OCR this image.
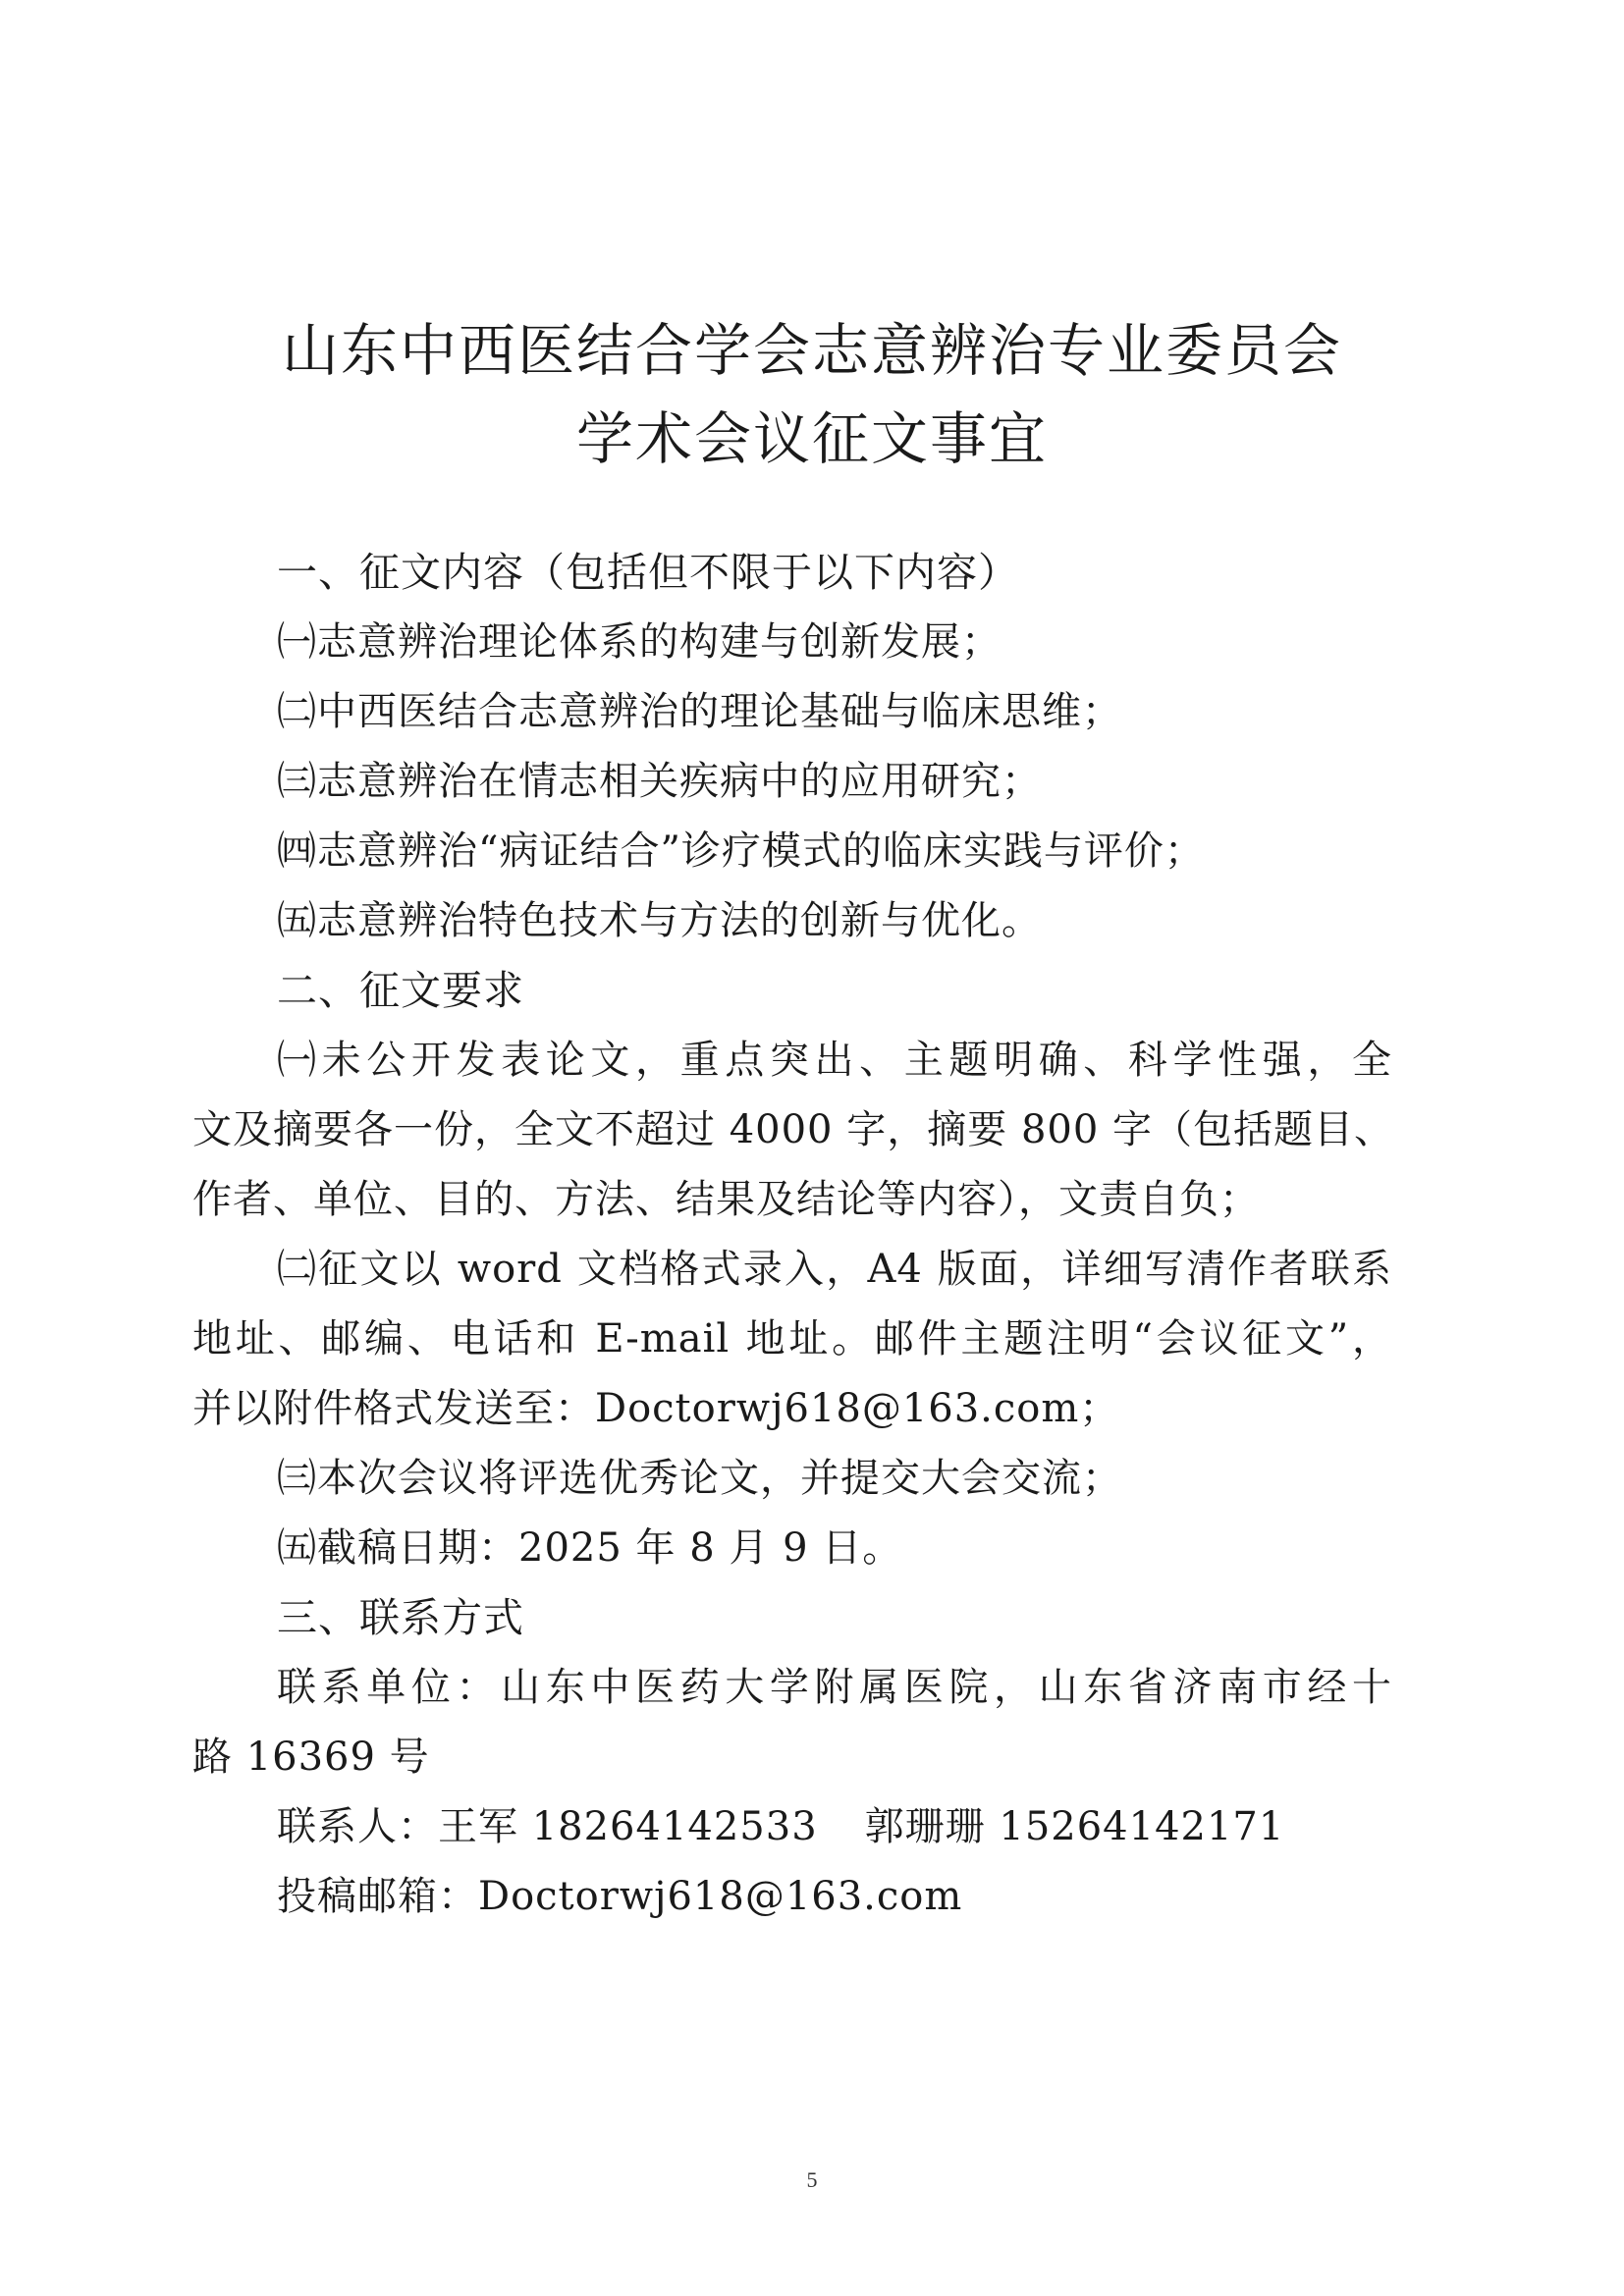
山东中西医结合学会志意辨治专业委员会
学术会议征文事宜
一、征文内容（包括但不限于以下内容）
㈠志意辨治理论体系的构建与创新发展；
㈡中西医结合志意辨治的理论基础与临床思维；
㈢志意辨治在情志相关疾病中的应用研究；
㈣志意辨治“病证结合”诊疗模式的临床实践与评价；
㈤志意辨治特色技术与方法的创新与优化。
二、征文要求
㈠未公开发表论文，重点突出、主题明确、科学性强，全
文及摘要各一份，全文不超过 4000 字，摘要 800 字（包括题目、
作者、单位、目的、方法、结果及结论等内容），文责自负；
㈡征文以 word 文档格式录入，A4 版面，详细写清作者联系
地址、邮编、电话和 E-mail 地址。邮件主题注明“会议征文”，
并以附件格式发送至：Doctorwj618@163.com；
㈢本次会议将评选优秀论文，并提交大会交流；
㈤截稿日期：2025 年 8 月 9 日。
三、联系方式
联系单位：山东中医药大学附属医院，山东省济南市经十
路 16369 号
联系人：王军 18264142533 郭珊珊 15264142171
投稿邮箱：Doctorwj618@163.com
5
